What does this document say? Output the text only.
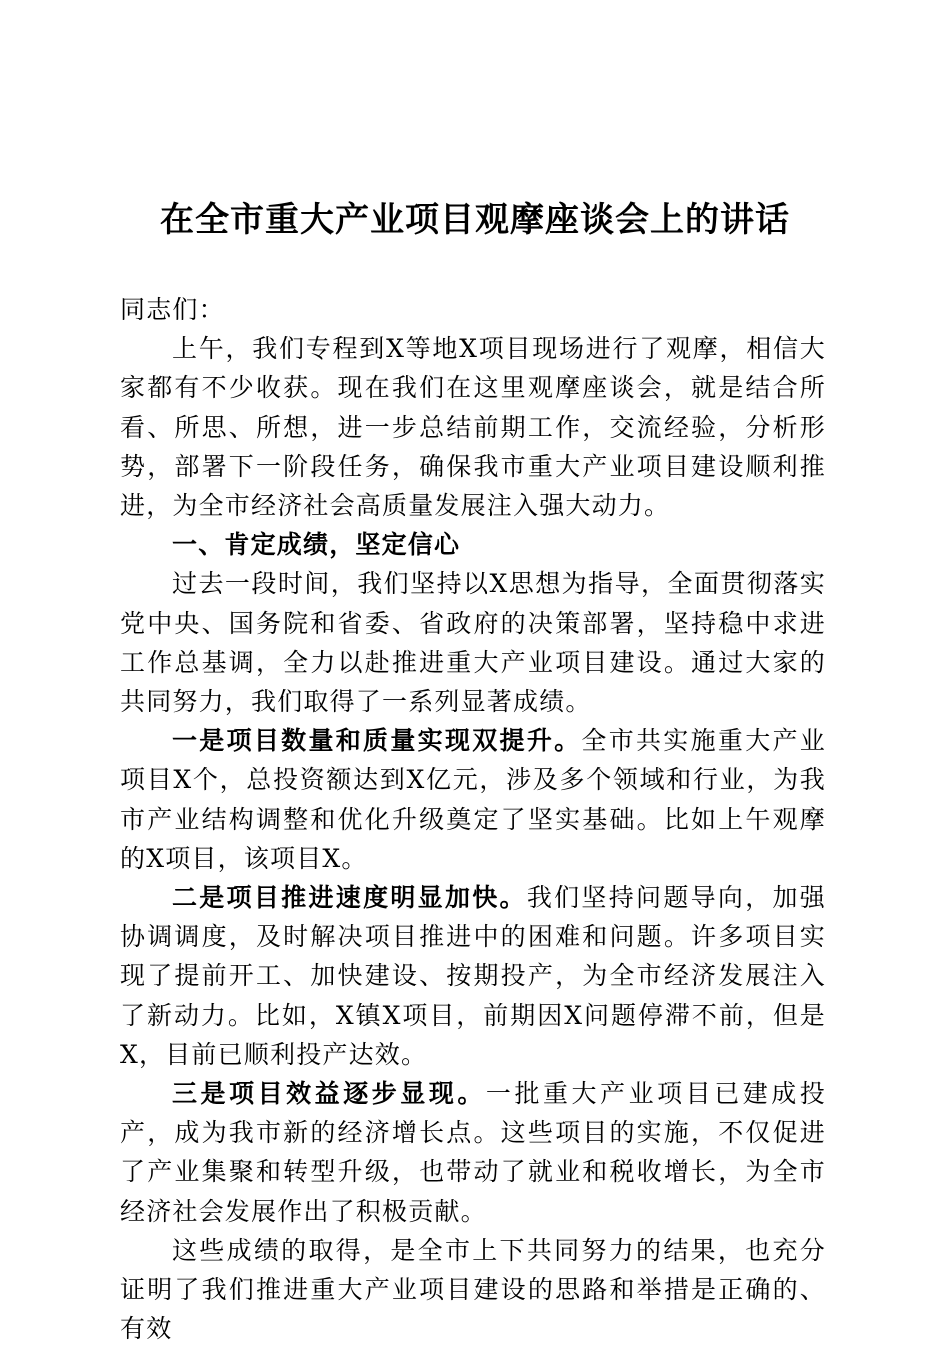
在全市重大产业项目观摩座谈会上的讲话

同志们：

上午，我们专程到X等地X项目现场进行了观摩，相信大家都有不少收获。现在我们在这里观摩座谈会，就是结合所看、所思、所想，进一步总结前期工作，交流经验，分析形势，部署下一阶段任务，确保我市重大产业项目建设顺利推进，为全市经济社会高质量发展注入强大动力。

一、肯定成绩，坚定信心

过去一段时间，我们坚持以X思想为指导，全面贯彻落实党中央、国务院和省委、省政府的决策部署，坚持稳中求进工作总基调，全力以赴推进重大产业项目建设。通过大家的共同努力，我们取得了一系列显著成绩。

一是项目数量和质量实现双提升。全市共实施重大产业项目X个，总投资额达到X亿元，涉及多个领域和行业，为我市产业结构调整和优化升级奠定了坚实基础。比如上午观摩的X项目，该项目X。

二是项目推进速度明显加快。我们坚持问题导向，加强协调调度，及时解决项目推进中的困难和问题。许多项目实现了提前开工、加快建设、按期投产，为全市经济发展注入了新动力。比如，X镇X项目，前期因X问题停滞不前，但是X，目前已顺利投产达效。

三是项目效益逐步显现。一批重大产业项目已建成投产，成为我市新的经济增长点。这些项目的实施，不仅促进了产业集聚和转型升级，也带动了就业和税收增长，为全市经济社会发展作出了积极贡献。

这些成绩的取得，是全市上下共同努力的结果，也充分证明了我们推进重大产业项目建设的思路和举措是正确的、有效
